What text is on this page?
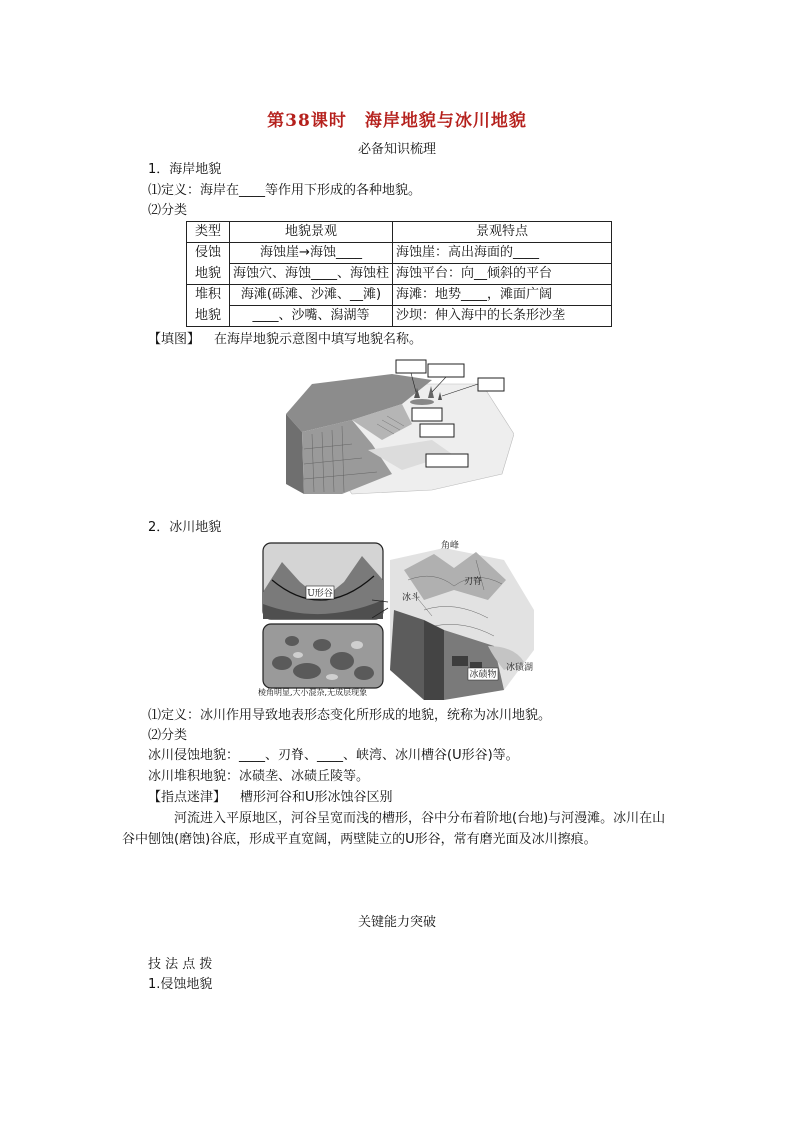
第38课时　海岸地貌与冰川地貌
必备知识梳理
1．海岸地貌
⑴定义：海岸在____等作用下形成的各种地貌。
⑵分类
类型	地貌景观	景观特点
侵蚀	海蚀崖→海蚀____	海蚀崖：高出海面的____
地貌	海蚀穴、海蚀____、海蚀柱	海蚀平台：向__倾斜的平台
堆积	海滩(砾滩、沙滩、__滩)	海滩：地势____，滩面广阔
地貌	____、沙嘴、潟湖等	沙坝：伸入海中的长条形沙垄
【填图】 在海岸地貌示意图中填写地貌名称。
2．冰川地貌
U形谷
棱角明显,大小混杂,无成层现象
角峰
刃脊
冰斗
冰碛物
冰碛湖
⑴定义：冰川作用导致地表形态变化所形成的地貌，统称为冰川地貌。
⑵分类
冰川侵蚀地貌：____、刃脊、____、峡湾、冰川槽谷(U形谷)等。
冰川堆积地貌：冰碛垄、冰碛丘陵等。
【指点迷津】 槽形河谷和U形冰蚀谷区别
河流进入平原地区，河谷呈宽而浅的槽形，谷中分布着阶地(台地)与河漫滩。冰川在山
谷中刨蚀(磨蚀)谷底，形成平直宽阔，两壁陡立的U形谷，常有磨光面及冰川擦痕。
关键能力突破
技 法 点 拨
1.侵蚀地貌
